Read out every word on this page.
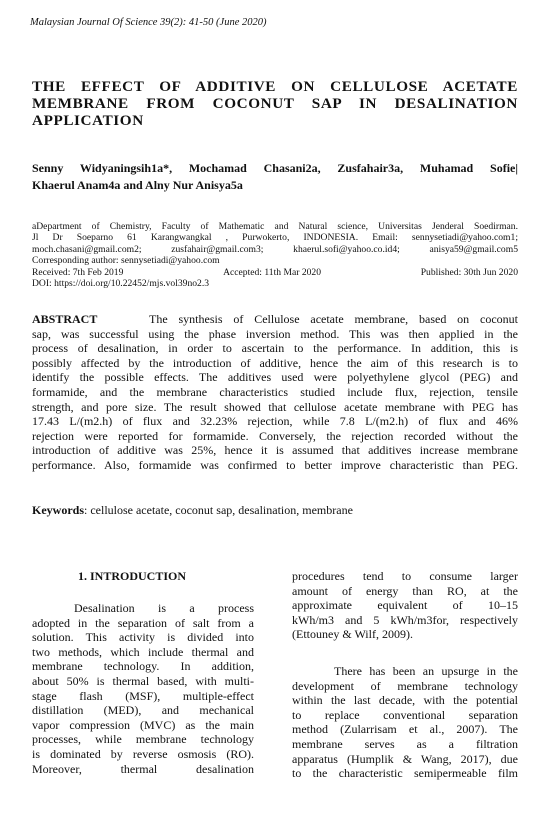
Malaysian Journal Of Science 39(2): 41-50 (June 2020)
THE EFFECT OF ADDITIVE ON CELLULOSE ACETATE
MEMBRANE FROM COCONUT SAP IN DESALINATION
APPLICATION
Senny Widyaningsih1a*, Mochamad Chasani2a, Zusfahair3a, Muhamad Sofie|
Khaerul Anam4a and Alny Nur Anisya5a
aDepartment of Chemistry, Faculty of Mathematic and Natural science, Universitas Jenderal Soedirman.
Jl Dr Soeparno 61 Karangwangkal , Purwokerto, INDONESIA. Email: sennysetiadi@yahoo.com1;
moch.chasani@gmail.com2; zusfahair@gmail.com3; khaerul.sofi@yahoo.co.id4; anisya59@gmail.com5
Corresponding author: sennysetiadi@yahoo.com
Received: 7th Feb 2019	Accepted: 11th Mar 2020	Published: 30th Jun 2020
DOI: https://doi.org/10.22452/mjs.vol39no2.3
ABSTRACT	The synthesis of Cellulose acetate membrane, based on coconut
sap, was successful using the phase inversion method. This was then applied in the
process of desalination, in order to ascertain to the performance. In addition, this is
possibly affected by the introduction of additive, hence the aim of this research is to
identify the possible effects. The additives used were polyethylene glycol (PEG) and
formamide, and the membrane characteristics studied include flux, rejection, tensile
strength, and pore size. The result showed that cellulose acetate membrane with PEG has
17.43 L/(m2.h) of flux and 32.23% rejection, while 7.8 L/(m2.h) of flux and 46%
rejection were reported for formamide. Conversely, the rejection recorded without the
introduction of additive was 25%, hence it is assumed that additives increase membrane
performance. Also, formamide was confirmed to better improve characteristic than PEG.
Keywords: cellulose acetate, coconut sap, desalination, membrane
1. INTRODUCTION
Desalination is a process
adopted in the separation of salt from a
solution. This activity is divided into
two methods, which include thermal and
membrane technology. In addition,
about 50% is thermal based, with multi-
stage flash (MSF), multiple-effect
distillation (MED), and mechanical
vapor compression (MVC) as the main
processes, while membrane technology
is dominated by reverse osmosis (RO).
Moreover, thermal desalination
procedures tend to consume larger
amount of energy than RO, at the
approximate equivalent of 10–15
kWh/m3 and 5 kWh/m3for, respectively
(Ettouney & Wilf, 2009).
There has been an upsurge in the
development of membrane technology
within the last decade, with the potential
to replace conventional separation
method (Zularrisam et al., 2007). The
membrane serves as a filtration
apparatus (Humplik & Wang, 2017), due
to the characteristic semipermeable film
